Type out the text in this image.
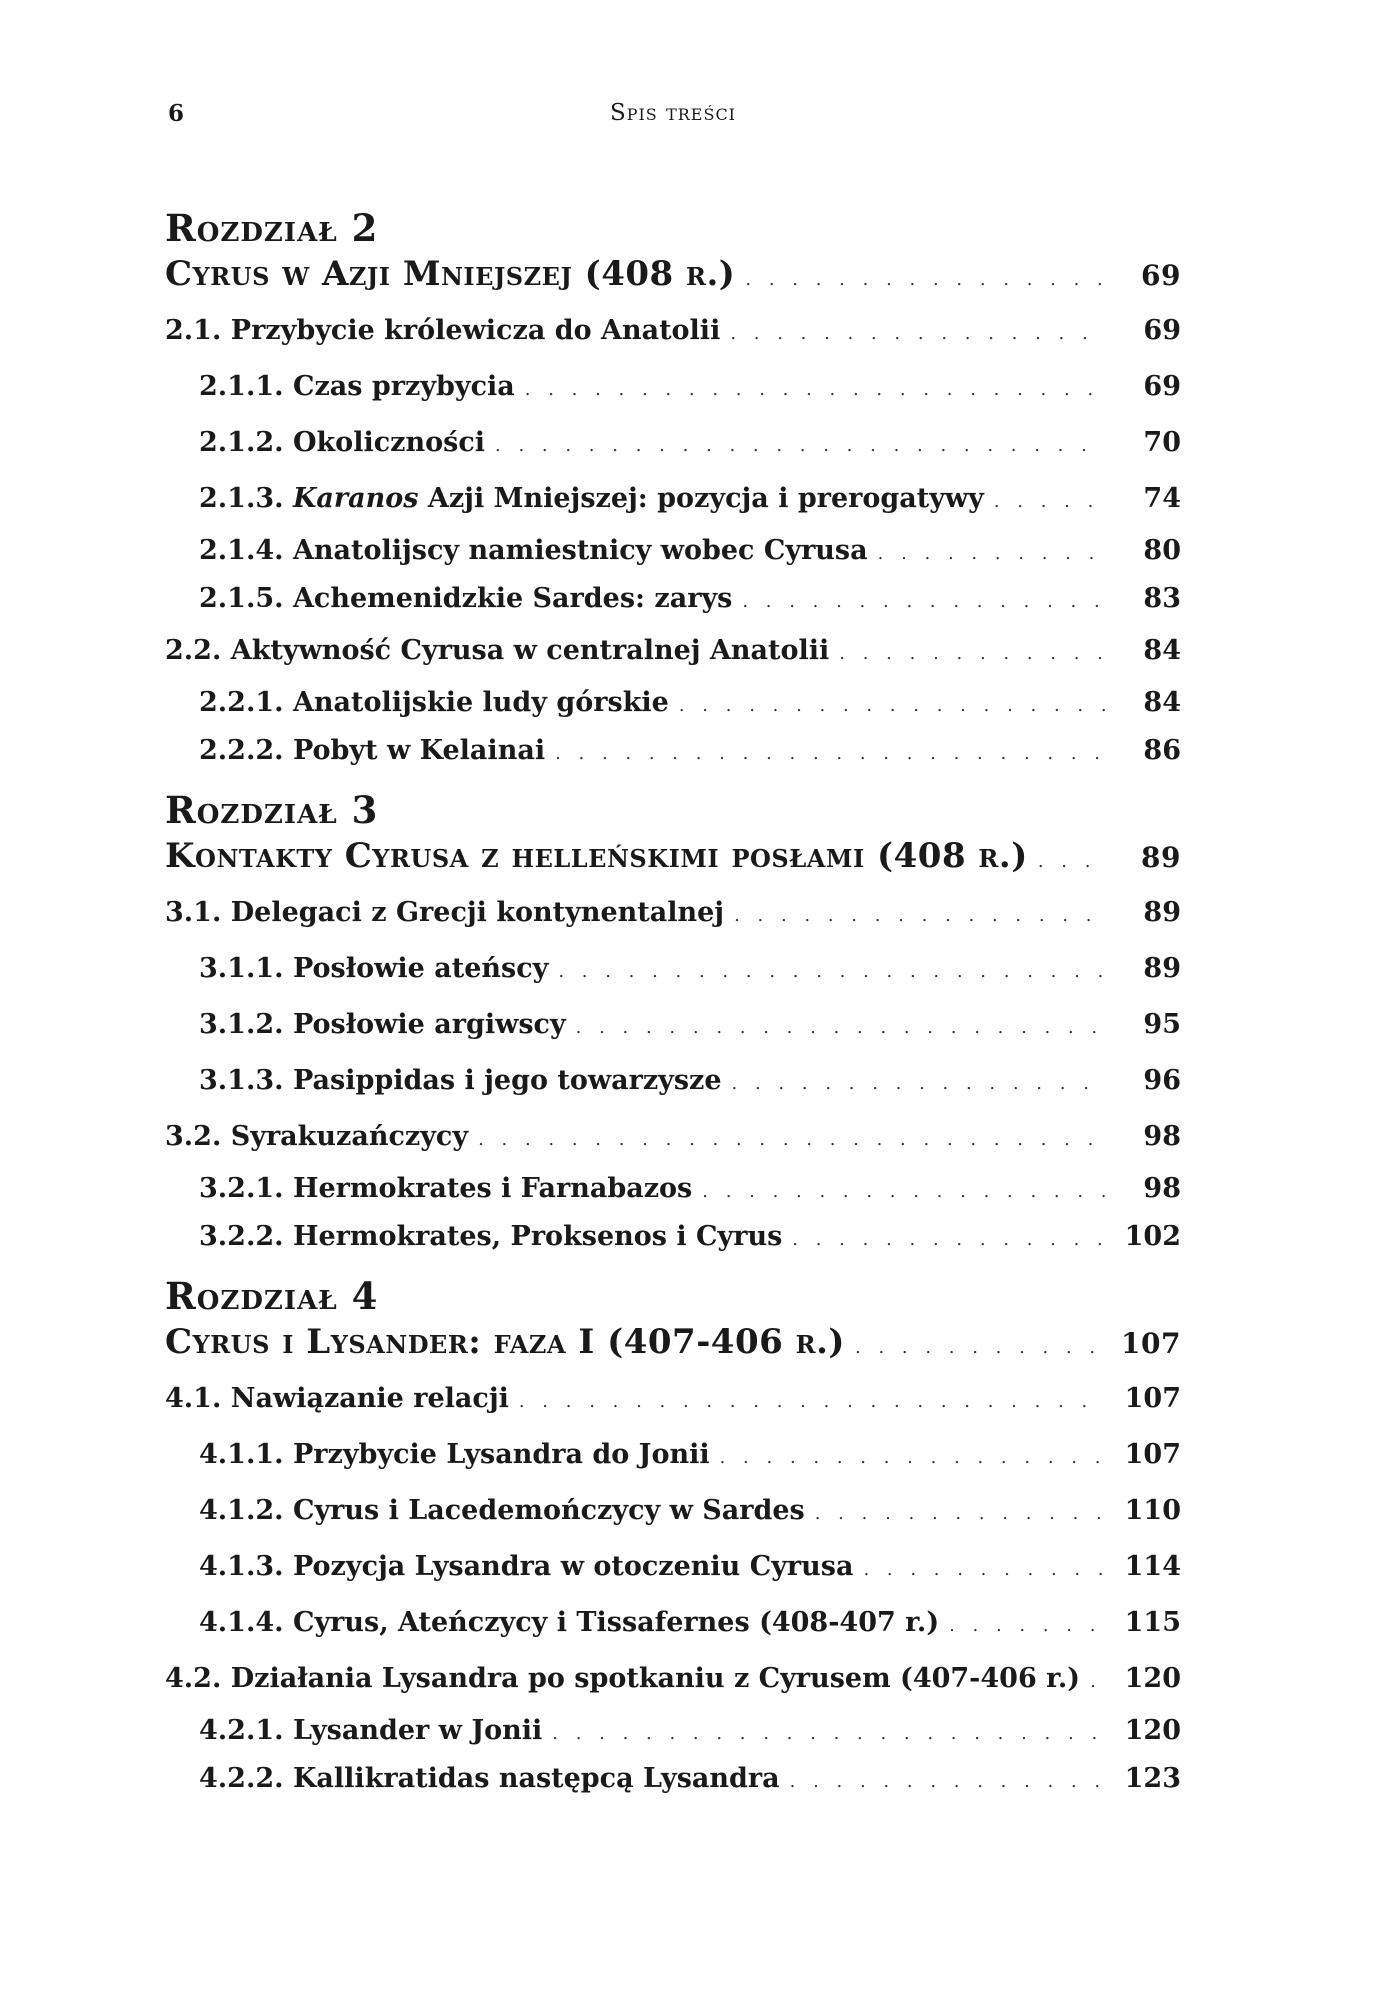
6	Spis treści
Rozdział 2
Cyrus w Azji Mniejszej (408 r.) . . .	69
2.1. Przybycie królewicza do Anatolii . . .	69
2.1.1. Czas przybycia . . .	69
2.1.2. Okoliczności . . .	70
2.1.3. Karanos Azji Mniejszej: pozycja i prerogatywy . . .	74
2.1.4. Anatolijscy namiestnicy wobec Cyrusa . . .	80
2.1.5. Achemenidzkie Sardes: zarys . . .	83
2.2. Aktywność Cyrusa w centralnej Anatolii . . .	84
2.2.1. Anatolijskie ludy górskie . . .	84
2.2.2. Pobyt w Kelainai . . .	86
Rozdział 3
Kontakty Cyrusa z helleńskimi posłami (408 r.) . . .	89
3.1. Delegaci z Grecji kontynentalnej . . .	89
3.1.1. Posłowie ateńscy . . .	89
3.1.2. Posłowie argiwscy . . .	95
3.1.3. Pasippidas i jego towarzysze . . .	96
3.2. Syrakuzańczycy . . .	98
3.2.1. Hermokrates i Farnabazos . . .	98
3.2.2. Hermokrates, Proksenos i Cyrus . . .	102
Rozdział 4
Cyrus i Lysander: faza I (407-406 r.) . . .	107
4.1. Nawiązanie relacji . . .	107
4.1.1. Przybycie Lysandra do Jonii . . .	107
4.1.2. Cyrus i Lacedemończycy w Sardes . . .	110
4.1.3. Pozycja Lysandra w otoczeniu Cyrusa . . .	114
4.1.4. Cyrus, Ateńczycy i Tissafernes (408-407 r.) . . .	115
4.2. Działania Lysandra po spotkaniu z Cyrusem (407-406 r.) . . .	120
4.2.1. Lysander w Jonii . . .	120
4.2.2. Kallikratidas następcą Lysandra . . .	123
